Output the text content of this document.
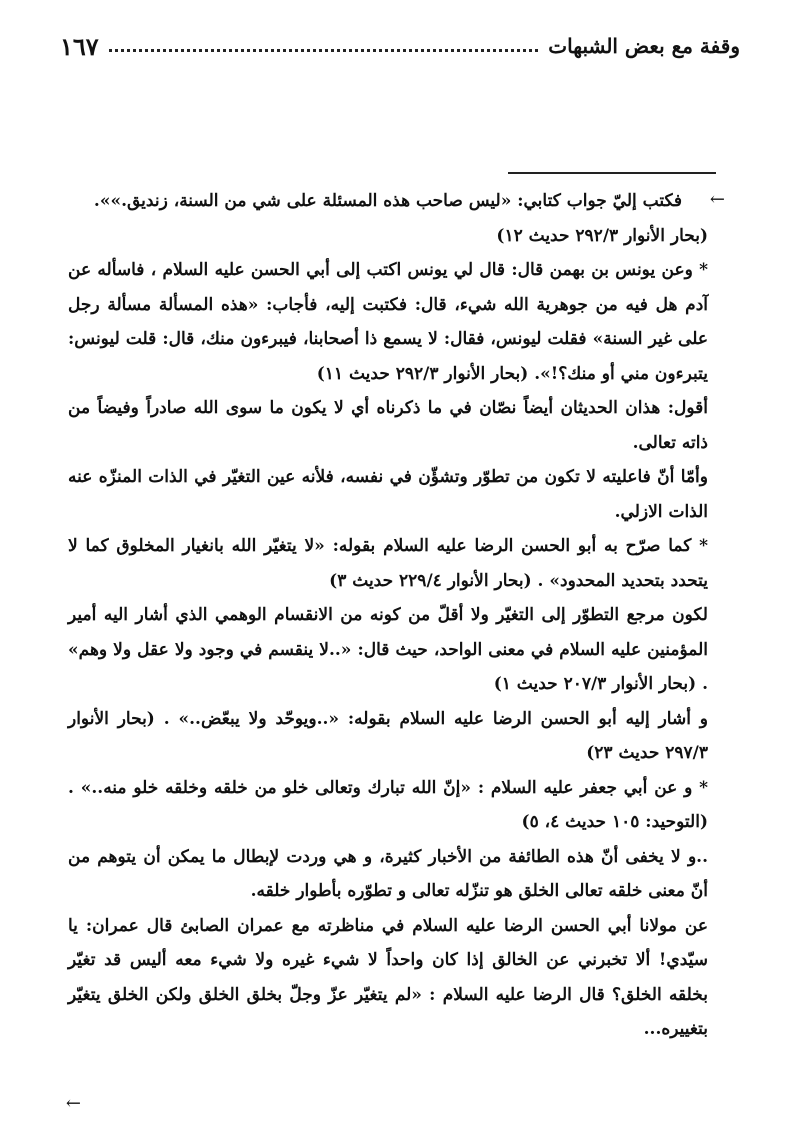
وقفة مع بعض الشبهات
١٦٧
←

فكتب إليّ جواب كتابي: «ليس صاحب هذه المسئلة على شي من السنة، زنديق.»».

(بحار الأنوار ٢٩٢/٣ حديث ١٢)

* وعن يونس بن بهمن قال: قال لي يونس اكتب إلى أبي الحسن عليه السلام ، فاسأله عن آدم هل فيه من جوهرية الله شيء، قال: فكتبت إليه، فأجاب: «هذه المسألة مسألة رجل على غير السنة» فقلت ليونس، فقال: لا يسمع ذا أصحابنا، فيبرءون منك، قال: قلت ليونس: يتبرءون مني أو منك؟!». (بحار الأنوار ٢٩٢/٣ حديث ١١)

أقول: هذان الحديثان أيضاً نصّان في ما ذكرناه أي لا يكون ما سوى الله صادراً وفيضاً من ذاته تعالى.

وأمّا أنّ فاعليته لا تكون من تطوّر وتشؤّن في نفسه، فلأنه عين التغيّر في الذات المنزّه عنه الذات الازلي.

* كما صرّح به أبو الحسن الرضا عليه السلام بقوله: «لا يتغيّر الله بانغيار المخلوق كما لا يتحدد بتحديد المحدود» . (بحار الأنوار ٢٢٩/٤ حديث ٣)

لكون مرجع التطوّر إلى التغيّر ولا أقلّ من كونه من الانقسام الوهمي الذي أشار اليه أمير المؤمنين عليه السلام في معنى الواحد، حيث قال: «..لا ينقسم في وجود ولا عقل ولا وهم» . (بحار الأنوار ٢٠٧/٣ حديث ١)

و أشار إليه أبو الحسن الرضا عليه السلام بقوله: «..ويوحّد ولا يبعّض..» . (بحار الأنوار ٢٩٧/٣ حديث ٢٣)

* و عن أبي جعفر عليه السلام : «إنّ الله تبارك وتعالى خلو من خلقه وخلقه خلو منه..» . (التوحيد: ١٠٥ حديث ٤، ٥)

..و لا يخفى أنّ هذه الطائفة من الأخبار كثيرة، و هي وردت لإبطال ما يمكن أن يتوهم من أنّ معنى خلقه تعالى الخلق هو تنزّله تعالى و تطوّره بأطوار خلقه.

عن مولانا أبي الحسن الرضا عليه السلام في مناظرته مع عمران الصابئ قال عمران: يا سيّدي! ألا تخبرني عن الخالق إذا كان واحداً لا شيء غيره ولا شيء معه أليس قد تغيّر بخلقه الخلق؟ قال الرضا عليه السلام : «لم يتغيّر عزّ وجلّ بخلق الخلق ولكن الخلق يتغيّر بتغييره...

←
